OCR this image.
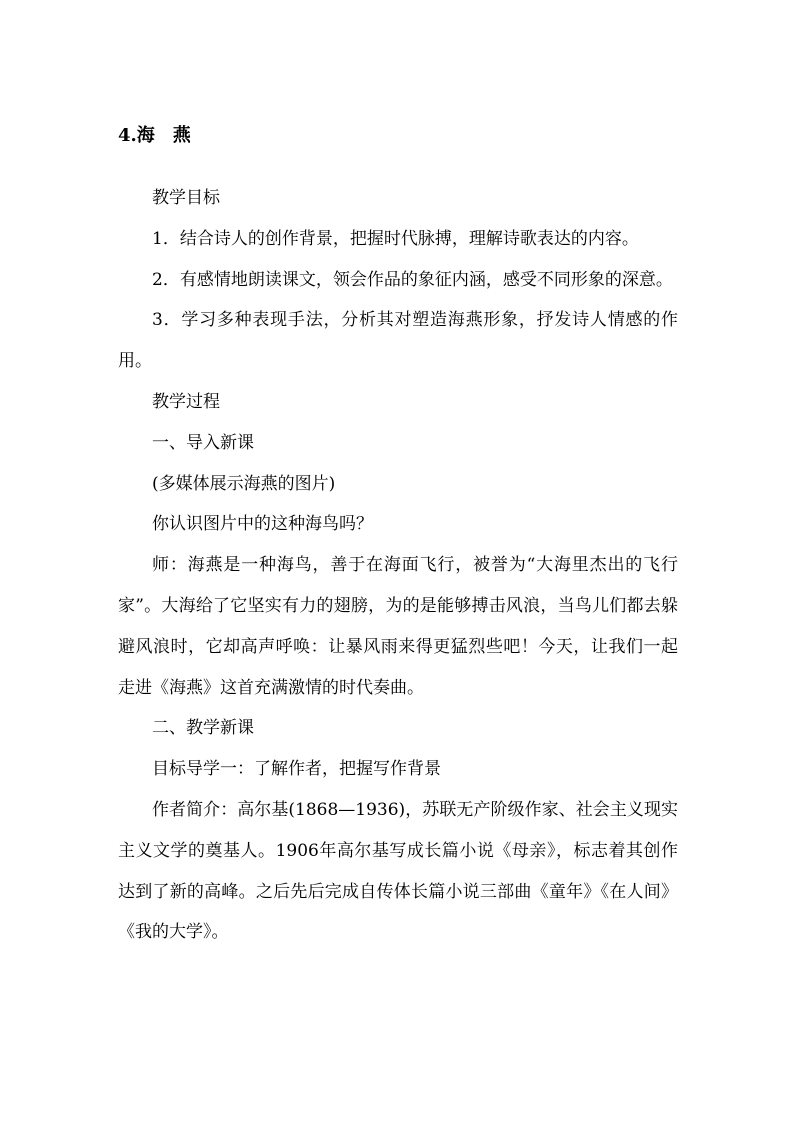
4.海　燕

教学目标

1．结合诗人的创作背景，把握时代脉搏，理解诗歌表达的内容。

2．有感情地朗读课文，领会作品的象征内涵，感受不同形象的深意。

3．学习多种表现手法，分析其对塑造海燕形象，抒发诗人情感的作用。

教学过程

一、导入新课

(多媒体展示海燕的图片)

你认识图片中的这种海鸟吗？

师：海燕是一种海鸟，善于在海面飞行，被誉为“大海里杰出的飞行家”。大海给了它坚实有力的翅膀，为的是能够搏击风浪，当鸟儿们都去躲避风浪时，它却高声呼唤：让暴风雨来得更猛烈些吧！今天，让我们一起走进《海燕》这首充满激情的时代奏曲。

二、教学新课

目标导学一：了解作者，把握写作背景

作者简介：高尔基(1868—1936)，苏联无产阶级作家、社会主义现实主义文学的奠基人。1906年高尔基写成长篇小说《母亲》，标志着其创作达到了新的高峰。之后先后完成自传体长篇小说三部曲《童年》《在人间》《我的大学》。
